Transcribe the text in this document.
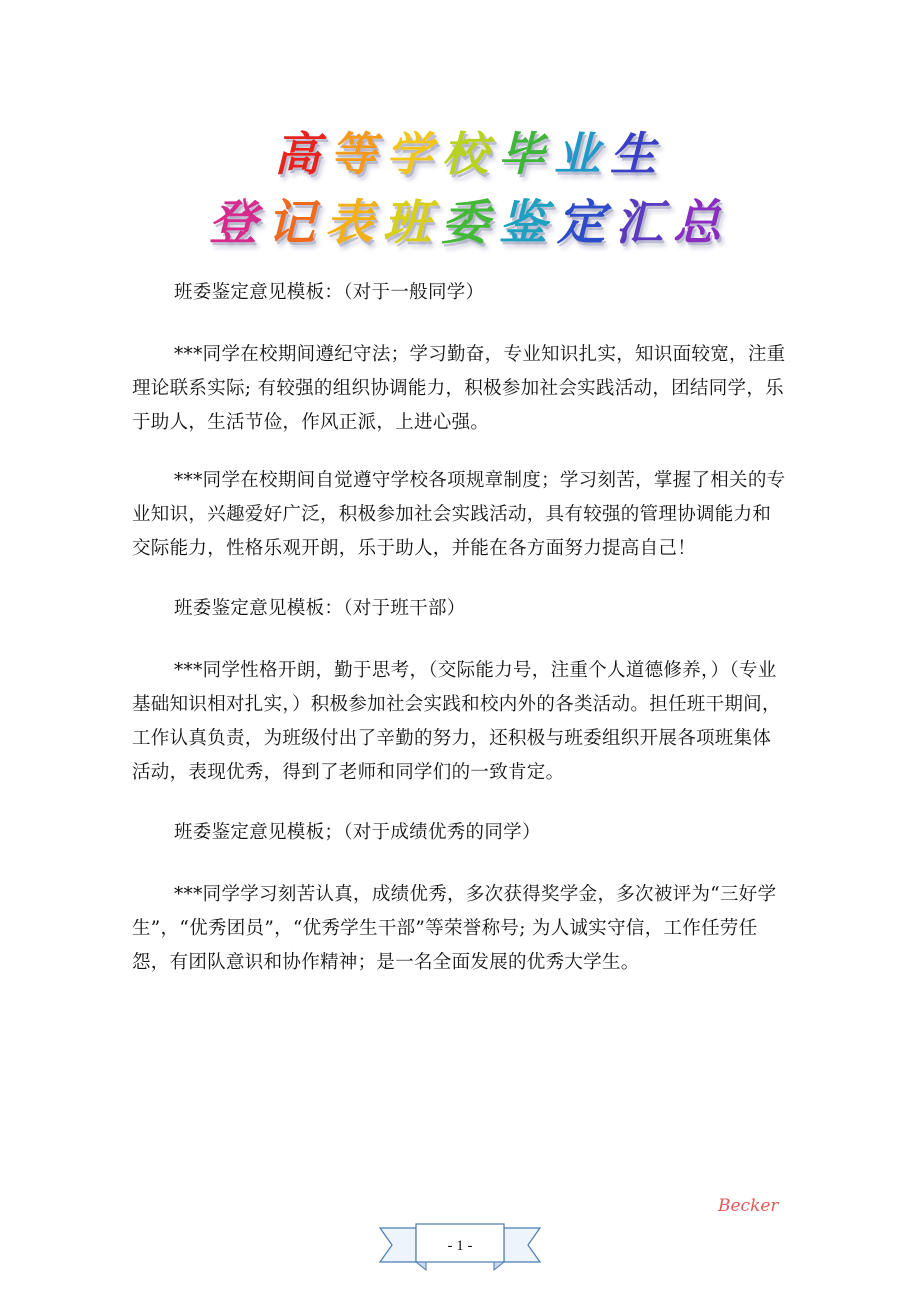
高等学校毕业生
登记表班委鉴定汇总

班委鉴定意见模板：（对于一般同学）

***同学在校期间遵纪守法；学习勤奋，专业知识扎实，知识面较宽，注重理论联系实际; 有较强的组织协调能力，积极参加社会实践活动，团结同学，乐于助人，生活节俭，作风正派，上进心强。

***同学在校期间自觉遵守学校各项规章制度；学习刻苦，掌握了相关的专业知识，兴趣爱好广泛，积极参加社会实践活动，具有较强的管理协调能力和交际能力，性格乐观开朗，乐于助人，并能在各方面努力提高自己！

班委鉴定意见模板：（对于班干部）

***同学性格开朗，勤于思考，（交际能力号，注重个人道德修养，）（专业基础知识相对扎实，）积极参加社会实践和校内外的各类活动。担任班干期间，工作认真负责，为班级付出了辛勤的努力，还积极与班委组织开展各项班集体活动，表现优秀，得到了老师和同学们的一致肯定。

班委鉴定意见模板；（对于成绩优秀的同学）

***同学学习刻苦认真，成绩优秀，多次获得奖学金，多次被评为“三好学生”，“优秀团员”，“优秀学生干部”等荣誉称号; 为人诚实守信，工作任劳任怨，有团队意识和协作精神；是一名全面发展的优秀大学生。

Becker
- 1 -
